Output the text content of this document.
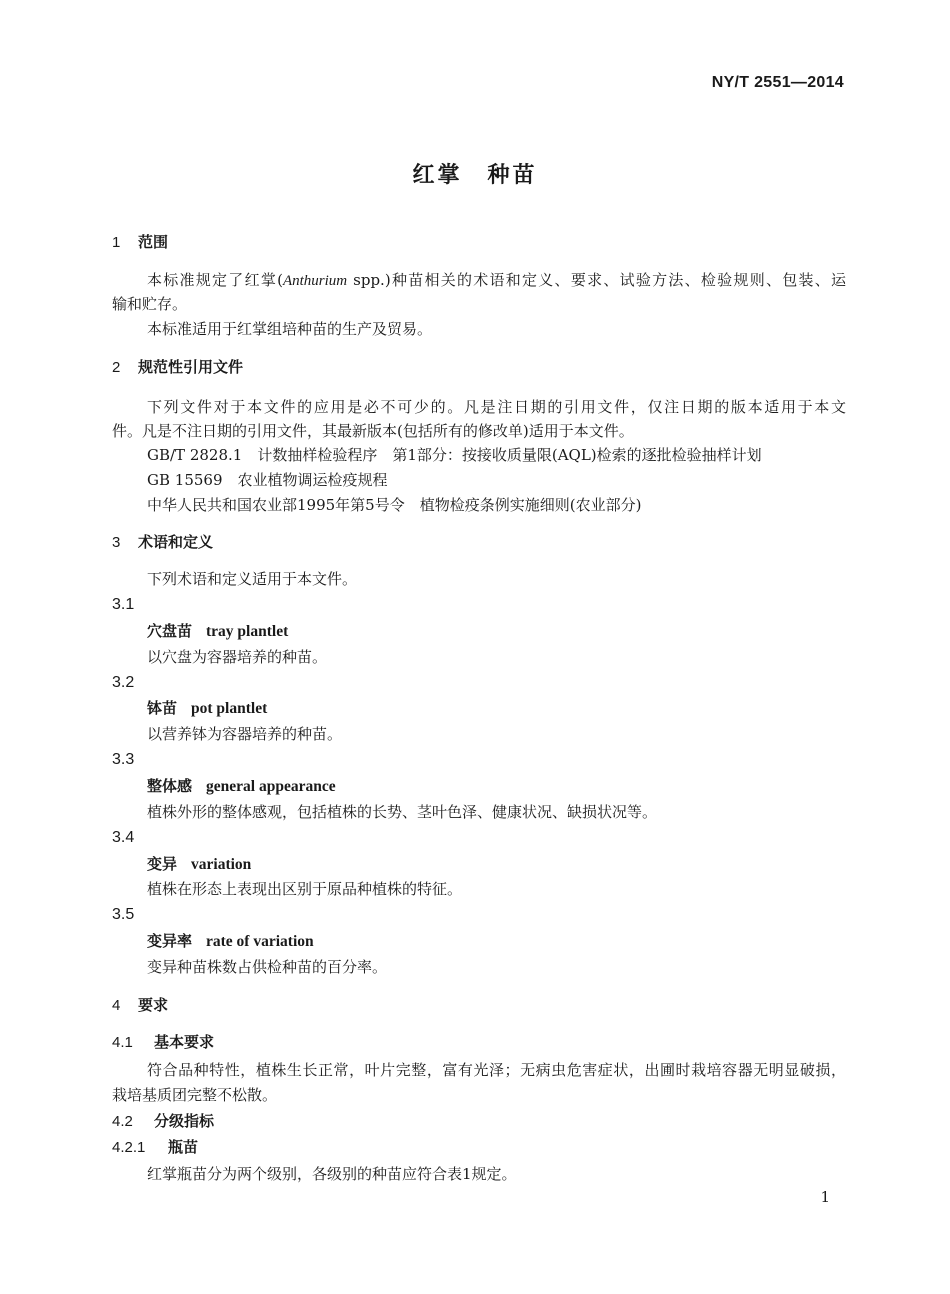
NY/T 2551—2014
红掌　种苗
1 范围
本标准规定了红掌(Anthurium spp.)种苗相关的术语和定义、要求、试验方法、检验规则、包装、运
输和贮存。
本标准适用于红掌组培种苗的生产及贸易。
2 规范性引用文件
下列文件对于本文件的应用是必不可少的。凡是注日期的引用文件，仅注日期的版本适用于本文
件。凡是不注日期的引用文件，其最新版本(包括所有的修改单)适用于本文件。
GB/T 2828.1　计数抽样检验程序　第1部分：按接收质量限(AQL)检索的逐批检验抽样计划
GB 15569　农业植物调运检疫规程
中华人民共和国农业部1995年第5号令　植物检疫条例实施细则(农业部分)
3 术语和定义
下列术语和定义适用于本文件。
3.1
穴盘苗 tray plantlet
以穴盘为容器培养的种苗。
3.2
钵苗 pot plantlet
以营养钵为容器培养的种苗。
3.3
整体感 general appearance
植株外形的整体感观，包括植株的长势、茎叶色泽、健康状况、缺损状况等。
3.4
变异 variation
植株在形态上表现出区别于原品种植株的特征。
3.5
变异率 rate of variation
变异种苗株数占供检种苗的百分率。
4 要求
4.1 基本要求
符合品种特性，植株生长正常，叶片完整，富有光泽；无病虫危害症状，出圃时栽培容器无明显破损，
栽培基质团完整不松散。
4.2 分级指标
4.2.1 瓶苗
红掌瓶苗分为两个级别，各级别的种苗应符合表1规定。
1
